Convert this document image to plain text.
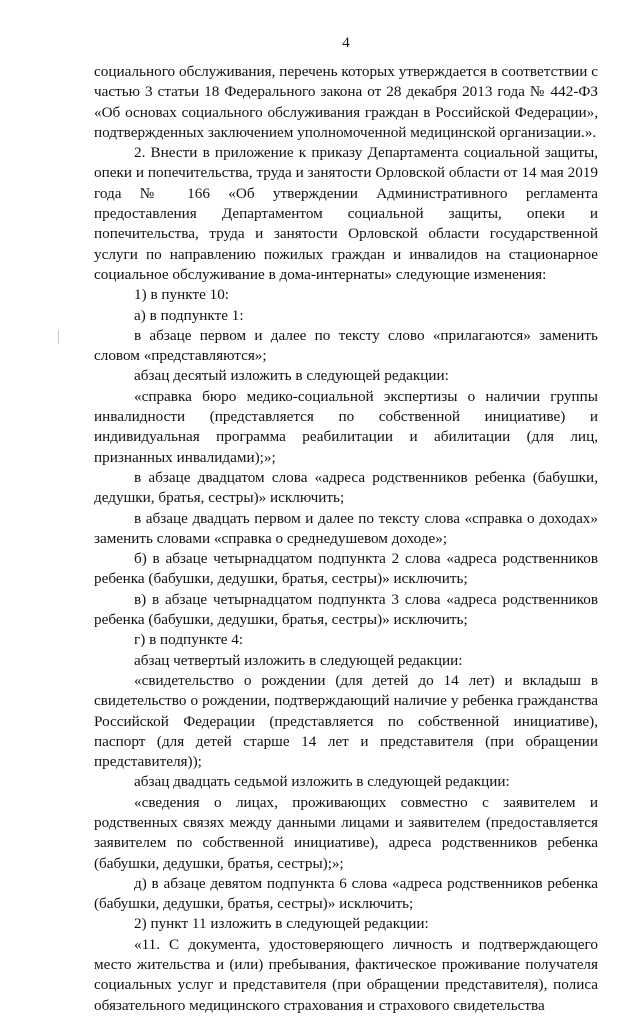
4

социального обслуживания, перечень которых утверждается в соответствии с частью 3 статьи 18 Федерального закона от 28 декабря 2013 года № 442-ФЗ «Об основах социального обслуживания граждан в Российской Федерации», подтвержденных заключением уполномоченной медицинской организации.».

2. Внести в приложение к приказу Департамента социальной защиты, опеки и попечительства, труда и занятости Орловской области от 14 мая 2019 года № 166 «Об утверждении Административного регламента предоставления Департаментом социальной защиты, опеки и попечительства, труда и занятости Орловской области государственной услуги по направлению пожилых граждан и инвалидов на стационарное социальное обслуживание в дома-интернаты» следующие изменения:

1) в пункте 10:

а) в подпункте 1:

в абзаце первом и далее по тексту слово «прилагаются» заменить словом «представляются»;

абзац десятый изложить в следующей редакции:

«справка бюро медико-социальной экспертизы о наличии группы инвалидности (представляется по собственной инициативе) и индивидуальная программа реабилитации и абилитации (для лиц, признанных инвалидами);»;

в абзаце двадцатом слова «адреса родственников ребенка (бабушки, дедушки, братья, сестры)» исключить;

в абзаце двадцать первом и далее по тексту слова «справка о доходах» заменить словами «справка о среднедушевом доходе»;

б) в абзаце четырнадцатом подпункта 2 слова «адреса родственников ребенка (бабушки, дедушки, братья, сестры)» исключить;

в) в абзаце четырнадцатом подпункта 3 слова «адреса родственников ребенка (бабушки, дедушки, братья, сестры)» исключить;

г) в подпункте 4:

абзац четвертый изложить в следующей редакции:

«свидетельство о рождении (для детей до 14 лет) и вкладыш в свидетельство о рождении, подтверждающий наличие у ребенка гражданства Российской Федерации (представляется по собственной инициативе), паспорт (для детей старше 14 лет и представителя (при обращении представителя));

абзац двадцать седьмой изложить в следующей редакции:

«сведения о лицах, проживающих совместно с заявителем и родственных связях между данными лицами и заявителем (предоставляется заявителем по собственной инициативе), адреса родственников ребенка (бабушки, дедушки, братья, сестры);»;

д) в абзаце девятом подпункта 6 слова «адреса родственников ребенка (бабушки, дедушки, братья, сестры)» исключить;

2) пункт 11 изложить в следующей редакции:

«11. С документа, удостоверяющего личность и подтверждающего место жительства и (или) пребывания, фактическое проживание получателя социальных услуг и представителя (при обращении представителя), полиса обязательного медицинского страхования и страхового свидетельства
